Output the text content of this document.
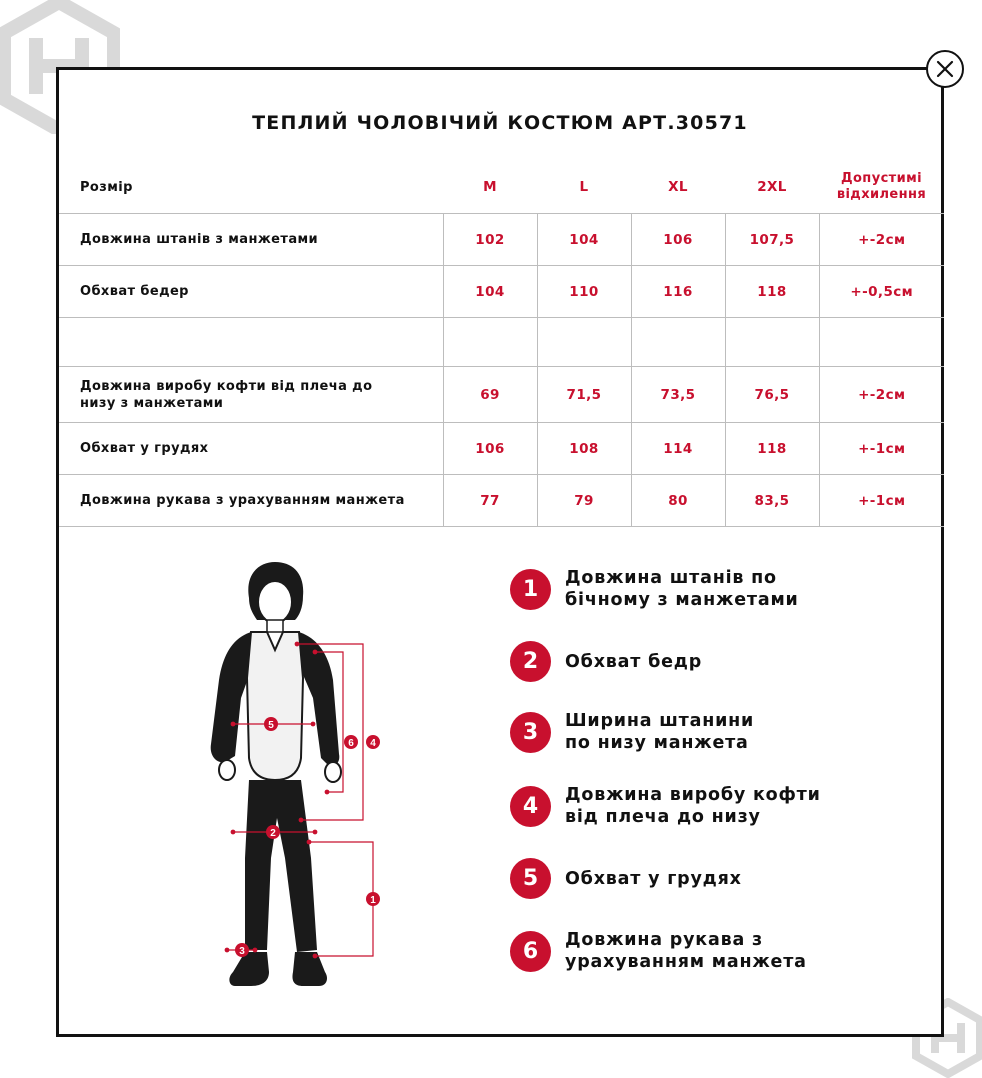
ТЕПЛИЙ ЧОЛОВІЧИЙ КОСТЮМ АРТ.30571
Розмір	M	L	XL	2XL	Допустимі відхилення
Довжина штанів з манжетами	102	104	106	107,5	+-2см
Обхват бедер	104	110	116	118	+-0,5см

Довжина виробу кофти від плеча до низу з манжетами	69	71,5	73,5	76,5	+-2см
Обхват у грудях	106	108	114	118	+-1см
Довжина рукава з урахуванням манжета	77	79	80	83,5	+-1см
1
2
3
4
5
6
1	Довжина штанів по бічному з манжетами
2	Обхват бедр
3	Ширина штанини по низу манжета
4	Довжина виробу кофти від плеча до низу
5	Обхват у грудях
6	Довжина рукава з урахуванням манжета
